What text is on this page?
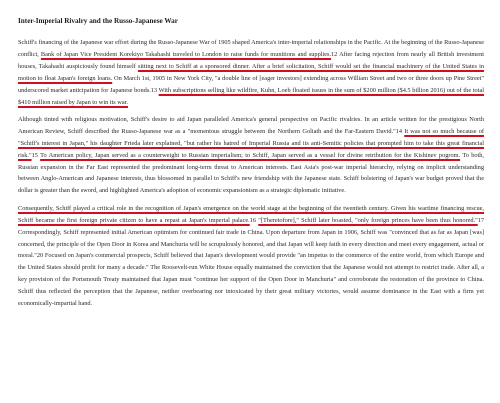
Inter-Imperial Rivalry and the Russo-Japanese War

Schiff's financing of the Japanese war effort during the Russo-Japanese War of 1905 shaped America's inter-imperial relationships in the Pacific. At the beginning of the Russo-Japanese conflict, Bank of Japan Vice President Korekiyo Takahashi traveled to London to raise funds for munitions and supplies.12 After facing rejection from nearly all British investment houses, Takahashi auspiciously found himself sitting next to Schiff at a sponsored dinner. After a brief solicitation, Schiff would set the financial machinery of the United States in motion to float Japan's foreign loans. On March 1st, 1905 in New York City, "a double line of [eager investors] extending across William Street and two or three doors up Pine Street" underscored market anticipation for Japanese bonds.13 With subscriptions selling like wildfire, Kuhn, Loeb floated issues in the sum of $200 million ($4.5 billion 2016) out of the total $410 million raised by Japan to win its war.

Although tinted with religious motivation, Schiff's desire to aid Japan paralleled America's general perspective on Pacific rivalries. In an article written for the prestigious North American Review, Schiff described the Russo-Japanese war as a "momentous struggle between the Northern Goliath and the Far-Eastern David."14 It was not so much because of "Schiff's interest in Japan," his daughter Frieda later explained, "but rather his hatred of Imperial Russia and its anti-Semitic policies that prompted him to take this great financial risk."15 To American policy, Japan served as a counterweight to Russian imperialism; to Schiff, Japan served as a vessel for divine retribution for the Kishinev pogrom. To both, Russian expansion in the Far East represented the predominant long-term threat to American interests. East Asia's post-war imperial hierarchy, relying on implicit understanding between Anglo-American and Japanese interests, thus blossomed in parallel to Schiff's new friendship with the Japanese state. Schiff bolstering of Japan's war budget proved that the dollar is greater than the sword, and highlighted America's adoption of economic expansionism as a strategic diplomatic initiative.

Consequently, Schiff played a critical role in the recognition of Japan's emergence on the world stage at the beginning of the twentieth century. Given his wartime financing rescue, Schiff became the first foreign private citizen to have a repast at Japan's imperial palace.16 "[Theretofore]," Schiff later boasted, "only foreign princes have been thus honored."17 Correspondingly, Schiff represented initial American optimism for continued fair trade in China. Upon departure from Japan in 1906, Schiff was "convinced that as far as Japan [was] concerned, the principle of the Open Door in Korea and Manchuria will be scrupulously honored, and that Japan will keep faith in every direction and meet every engagement, actual or moral."20 Focused on Japan's commercial prospects, Schiff believed that Japan's development would provide "an impetus to the commerce of the entire world, from which Europe and the United States should profit for many a decade." The Roosevelt-run White House equally maintained the conviction that the Japanese would not attempt to restrict trade. After all, a key provision of the Portsmouth Treaty maintained that Japan must "continue her support of the Open Door in Manchuria" and corroborate the restoration of the province to China. Schiff thus reflected the perception that the Japanese, neither overbearing nor intoxicated by their great military victories, would assume dominance in the East with a firm yet economically-impartial hand.
